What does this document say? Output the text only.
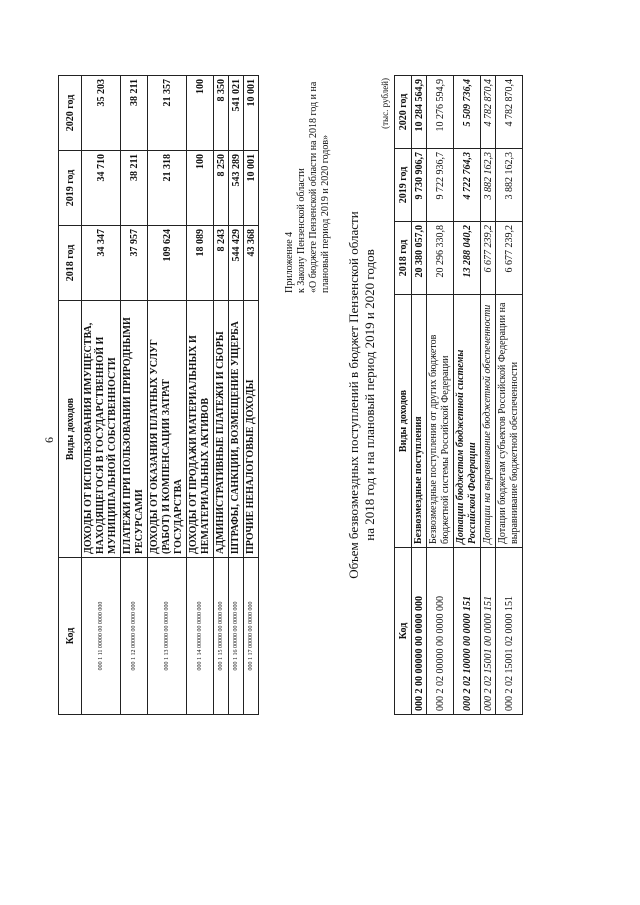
6
Код	Виды доходов	2018 год	2019 год	2020 год
000 1 11 00000 00 0000 000	ДОХОДЫ ОТ ИСПОЛЬЗОВАНИЯ ИМУЩЕСТВА, НАХОДЯЩЕГОСЯ В ГОСУДАРСТВЕННОЙ И МУНИЦИПАЛЬНОЙ СОБСТВЕННОСТИ	34 347	34 710	35 203
000 1 12 00000 00 0000 000	ПЛАТЕЖИ ПРИ ПОЛЬЗОВАНИИ ПРИРОДНЫМИ РЕСУРСАМИ	37 957	38 211	38 211
000 1 13 00000 00 0000 000	ДОХОДЫ ОТ ОКАЗАНИЯ ПЛАТНЫХ УСЛУГ (РАБОТ) И КОМПЕНСАЦИИ ЗАТРАТ ГОСУДАРСТВА	109 624	21 318	21 357
000 1 14 00000 00 0000 000	ДОХОДЫ ОТ ПРОДАЖИ МАТЕРИАЛЬНЫХ И НЕМАТЕРИАЛЬНЫХ АКТИВОВ	18 089	100	100
000 1 15 00000 00 0000 000	АДМИНИСТРАТИВНЫЕ ПЛАТЕЖИ И СБОРЫ	8 243	8 250	8 350
000 1 16 00000 00 0000 000	ШТРАФЫ, САНКЦИИ, ВОЗМЕЩЕНИЕ УЩЕРБА	544 429	543 289	541 021
000 1 17 00000 00 0000 000	ПРОЧИЕ НЕНАЛОГОВЫЕ ДОХОДЫ	43 368	10 001	10 001
Приложение 4 к Закону Пензенской области «О бюджете Пензенской области на 2018 год и на плановый период 2019 и 2020 годов» Объем безвозмездных поступлений в бюджет Пензенской области на 2018 год и на плановый период 2019 и 2020 годов
(тыс. рублей)
Код	Виды доходов	2018 год	2019 год	2020 год
000 2 00 00000 00 0000 000	Безвозмездные поступления	20 380 057,0	9 730 906,7	10 284 564,9
000 2 02 00000 00 0000 000	Безвозмездные поступления от других бюджетов бюджетной системы Российской Федерации	20 296 330,8	9 722 936,7	10 276 594,9
000 2 02 10000 00 0000 151	Дотации бюджетам бюджетной системы Российской Федерации	13 288 040,2	4 722 764,3	5 509 736,4
000 2 02 15001 00 0000 151	Дотации на выравнивание бюджетной обеспеченности	6 677 239,2	3 882 162,3	4 782 870,4
000 2 02 15001 02 0000 151	Дотации бюджетам субъектов Российской Федерации на выравнивание бюджетной обеспеченности	6 677 239,2	3 882 162,3	4 782 870,4
